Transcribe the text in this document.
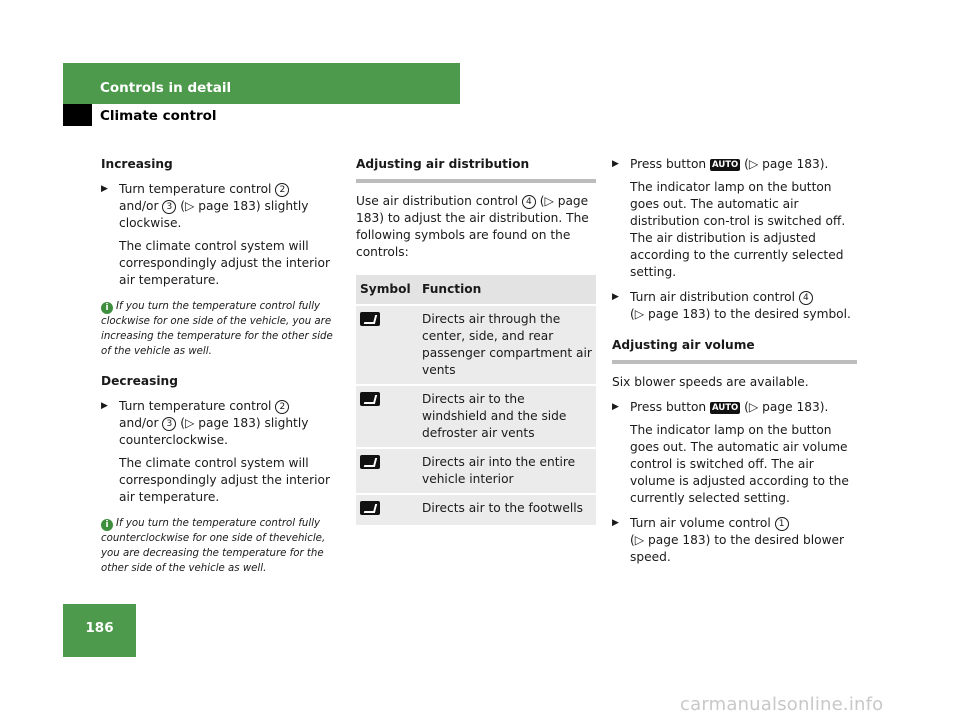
Controls in detail
Climate control

Increasing

▶ Turn temperature control 2
and/or 3 (▷ page 183) slightly clockwise.
The climate control system will correspondingly adjust the interior air temperature.
i If you turn the temperature control fully clockwise for one side of the vehicle, you are increasing the temperature for the other side of the vehicle as well.

Decreasing

▶ Turn temperature control 2
and/or 3 (▷ page 183) slightly counterclockwise.
The climate control system will correspondingly adjust the interior air temperature.
i If you turn the temperature control fully counterclockwise for one side of thevehicle, you are decreasing the temperature for the other side of the vehicle as well.

Adjusting air distribution

Use air distribution control 4 (▷ page 183) to adjust the air distribution. The following symbols are found on the controls:
Symbol	Function
	Directs air through the center, side, and rear passenger compartment air vents
	Directs air to the windshield and the side defroster air vents
	Directs air into the entire vehicle interior
	Directs air to the footwells
▶ Press button AUTO (▷ page 183).
The indicator lamp on the button goes out. The automatic air distribution con-trol is switched off. The air distribution is adjusted according to the currently selected setting.
▶ Turn air distribution control 4
(▷ page 183) to the desired symbol.

Adjusting air volume

Six blower speeds are available.
▶ Press button AUTO (▷ page 183).
The indicator lamp on the button goes out. The automatic air volume control is switched off. The air volume is adjusted according to the currently selected setting.
▶ Turn air volume control 1
(▷ page 183) to the desired blower speed.
186
carmanualsonline.info
